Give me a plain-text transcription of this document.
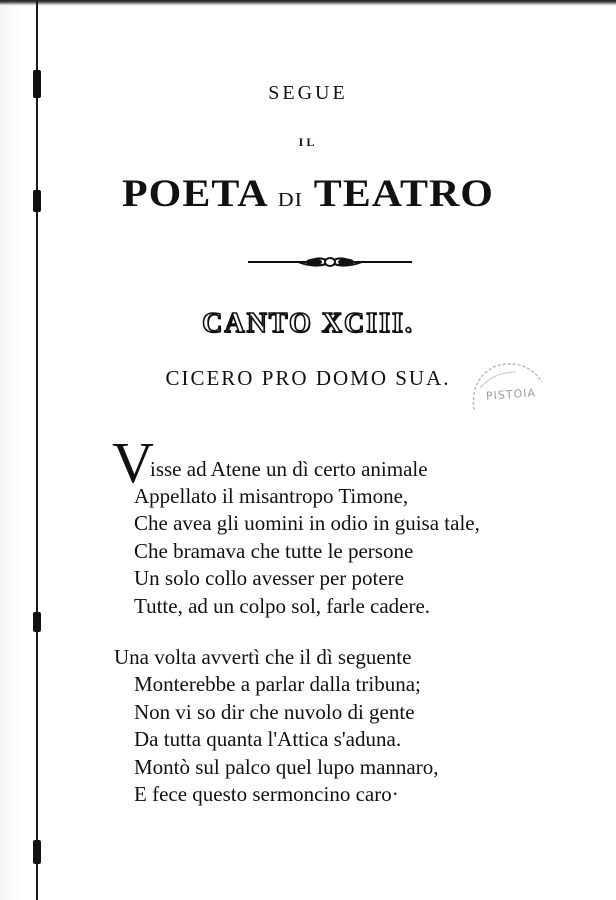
SEGUE
IL
POETA DI TEATRO
CANTO XCIII.
CICERO PRO DOMO SUA.
PISTOIA
V
isse ad Atene un dì certo animale
Appellato il misantropo Timone,
Che avea gli uomini in odio in guisa tale,
Che bramava che tutte le persone
Un solo collo avesser per potere
Tutte, ad un colpo sol, farle cadere.
Una volta avvertì che il dì seguente
Monterebbe a parlar dalla tribuna;
Non vi so dir che nuvolo di gente
Da tutta quanta l'Attica s'aduna.
Montò sul palco quel lupo mannaro,
E fece questo sermoncino caro·
